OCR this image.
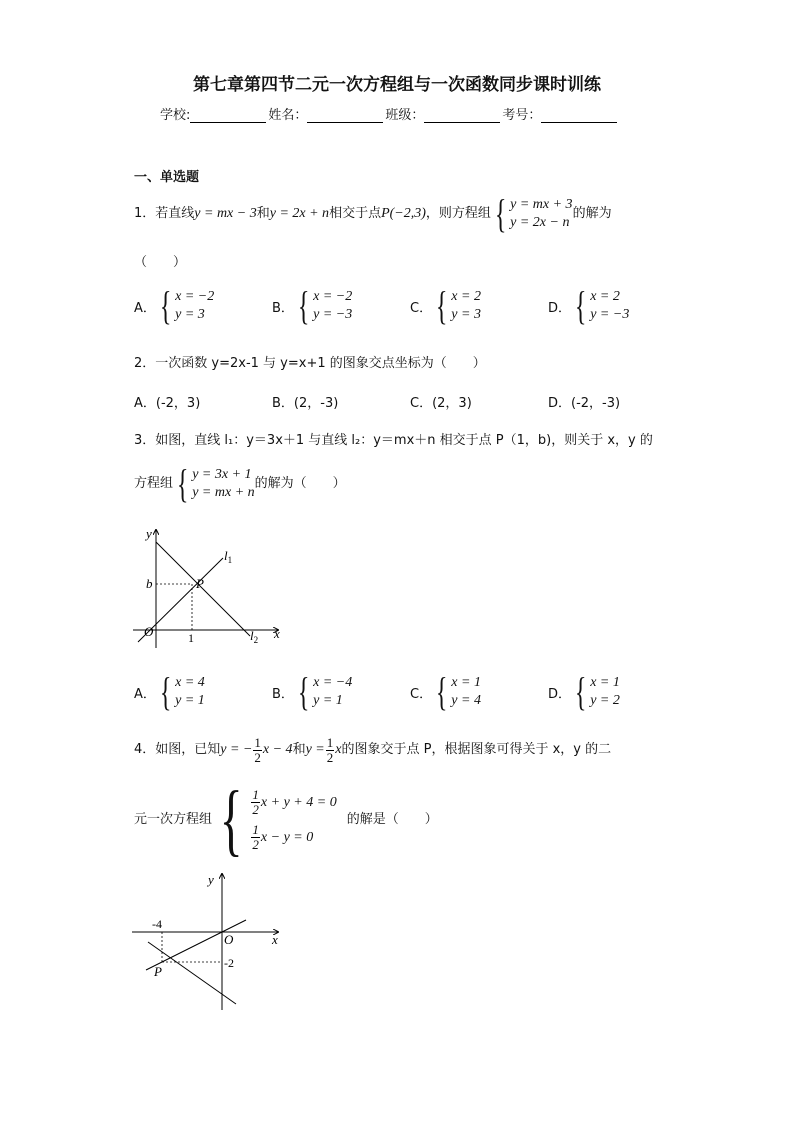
第七章第四节二元一次方程组与一次函数同步课时训练
学校:	姓名：	班级：	考号：
一、单选题
1．若直线 y = mx − 3 和 y = 2x + n 相交于点 P(−2,3) ，则方程组 { y = mx + 3
y = 2x − n
的解为
（　　）
A． { x = −2
y = 3	B． { x = −2
y = −3	C． { x = 2
y = 3	D． { x = 2
y = −3
2．一次函数 y=2x-1 与 y=x+1 的图象交点坐标为（　　）
A．(-2，3)	B．(2，-3)	C．(2，3)	D．(-2，-3)
3．如图，直线 l₁：y＝3x＋1 与直线 l₂：y＝mx＋n 相交于点 P（1，b)，则关于 x，y 的
方程组 { y = 3x + 1
y = mx + n
的解为（　　）
y
x
O
b	P
1
$l_1$
$l_2$
A． { x = 4
y = 1	B． { x = −4
y = 1	C． { x = 1
y = 4	D． { x = 1
y = 2
4．如图，已知 y = − $\frac{1}{2}$ x − 4 和 $y = \frac{1}{2}$ x 的图象交于点 P，根据图象可得关于 x，y 的二
元一次方程组 { $\frac{1}{2}$ x + y + 4 = 0
$\frac{1}{2}$ x − y = 0
的解是（　　）
y
x
O
-4
-2
P
